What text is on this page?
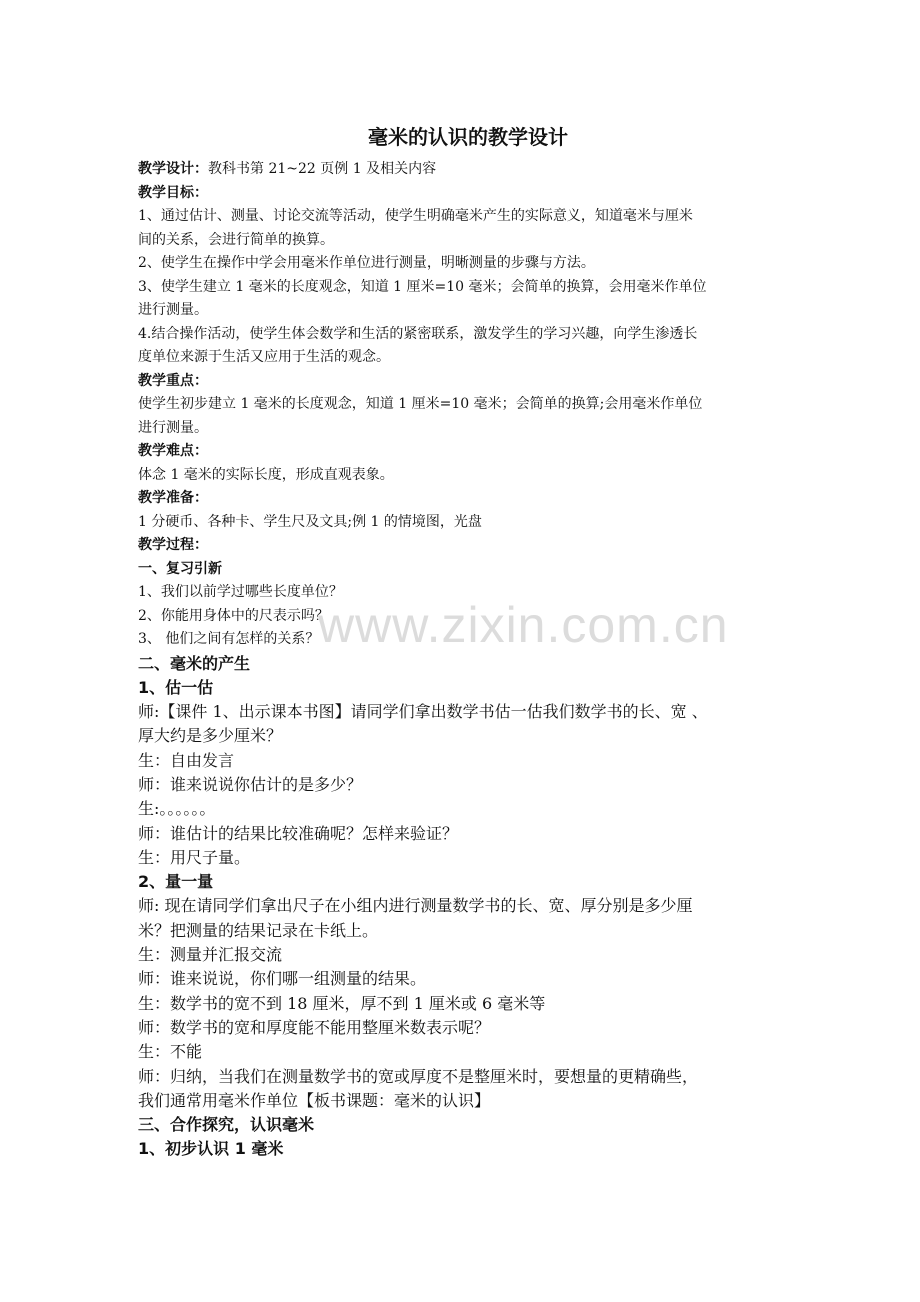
www.zixin.com.cn
毫米的认识的教学设计
教学设计：教科书第 21~22 页例 1 及相关内容
教学目标：
1、通过估计、测量、讨论交流等活动，使学生明确毫米产生的实际意义，知道毫米与厘米
间的关系，会进行简单的换算。
2、使学生在操作中学会用毫米作单位进行测量，明晰测量的步骤与方法。
3、使学生建立 1 毫米的长度观念，知道 1 厘米=10 毫米；会简单的换算，会用毫米作单位
进行测量。
4.结合操作活动，使学生体会数学和生活的紧密联系，激发学生的学习兴趣，向学生渗透长
度单位来源于生活又应用于生活的观念。
教学重点：
使学生初步建立 1 毫米的长度观念，知道 1 厘米=10 毫米；会简单的换算;会用毫米作单位
进行测量。
教学难点：
体念 1 毫米的实际长度，形成直观表象。
教学准备：
1 分硬币、各种卡、学生尺及文具;例 1 的情境图，光盘
教学过程：
一、复习引新
1、我们以前学过哪些长度单位？
2、你能用身体中的尺表示吗？
3、 他们之间有怎样的关系？
二、毫米的产生
1、估一估
师:【课件 1、出示课本书图】请同学们拿出数学书估一估我们数学书的长、宽 、
厚大约是多少厘米？
生：自由发言
师：谁来说说你估计的是多少？
生:。。。。。。
师：谁估计的结果比较准确呢？怎样来验证？
生：用尺子量。
2、量一量
师: 现在请同学们拿出尺子在小组内进行测量数学书的长、宽、厚分别是多少厘
米？把测量的结果记录在卡纸上。
生：测量并汇报交流
师：谁来说说，你们哪一组测量的结果。
生：数学书的宽不到 18 厘米，厚不到 1 厘米或 6 毫米等
师：数学书的宽和厚度能不能用整厘米数表示呢？
生：不能
师：归纳，当我们在测量数学书的宽或厚度不是整厘米时，要想量的更精确些，
我们通常用毫米作单位【板书课题：毫米的认识】
三、合作探究，认识毫米
1、初步认识 1 毫米
